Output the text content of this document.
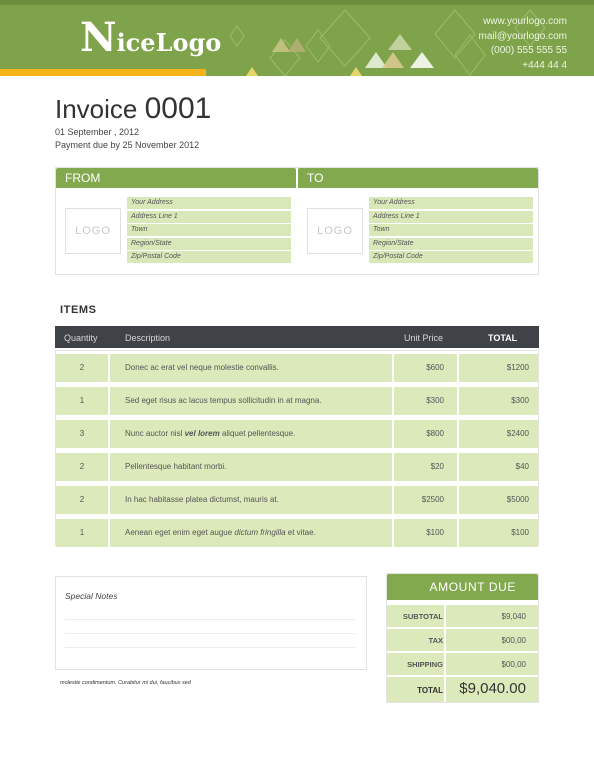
NiceLogo
www.yourlogo.com
mail@yourlogo.com
(000) 555 555 55
+444 44 4
Invoice 0001
01 September , 2012
Payment due by 25 November 2012
FROM
LOGO
Your Address
Address Line 1
Town
Region/State
Zip/Postal Code
TO
LOGO
Your Address
Address Line 1
Town
Region/State
Zip/Postal Code
ITEMS
Quantity	Description	Unit Price	TOTAL
2	Donec ac erat vel neque molestie convallis.	$600	$1200
1	Sed eget risus ac lacus tempus sollicitudin in at magna.	$300	$300
3	Nunc auctor nisl vel lorem aliquet pellentesque.	$800	$2400
2	Pellentesque habitant morbi.	$20	$40
2	In hac habitasse platea dictumst, mauris at.	$2500	$5000
1	Aenean eget enim eget augue dictum fringilla et vitae.	$100	$100
Special Notes
molestie condimentum. Curabitur mi dui, faucibus sed
AMOUNT DUE
SUBTOTAL	$9,040
TAX	$00,00
SHIPPING	$00,00
TOTAL $9,040.00
